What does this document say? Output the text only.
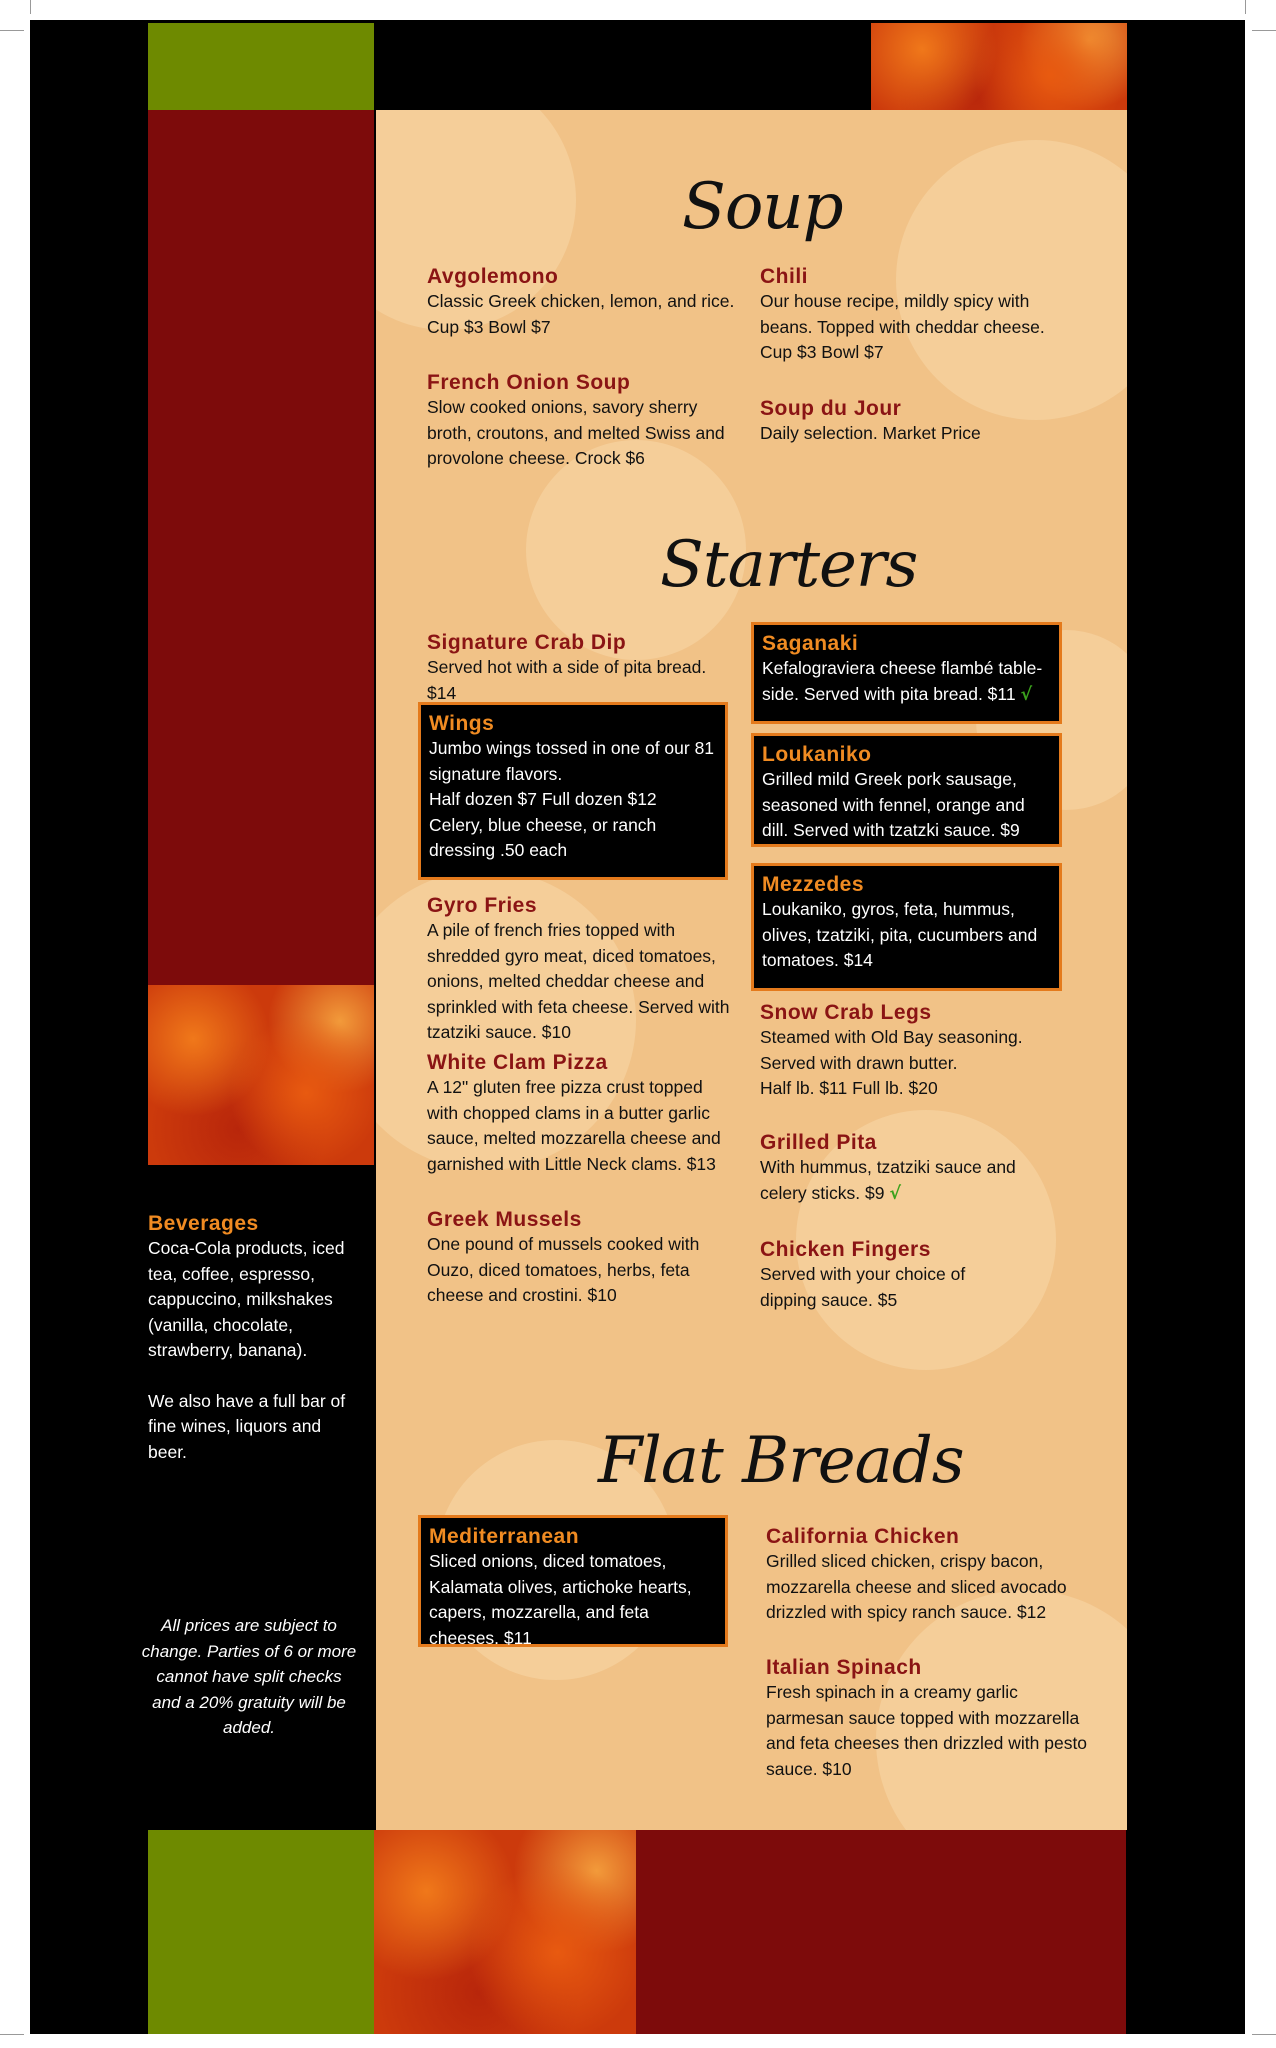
Soup
Starters
Flat Breads
Avgolemono
Classic Greek chicken, lemon, and rice.
Cup $3 Bowl $7
French Onion Soup
Slow cooked onions, savory sherry broth, croutons, and melted Swiss and provolone cheese. Crock $6
Chili
Our house recipe, mildly spicy with beans. Topped with cheddar cheese.
Cup $3 Bowl $7
Soup du Jour
Daily selection. Market Price
Signature Crab Dip
Served hot with a side of pita bread. $14
Wings
Jumbo wings tossed in one of our 81 signature flavors.
Half dozen $7 Full dozen $12
Celery, blue cheese, or ranch dressing .50 each
Gyro Fries
A pile of french fries topped with shredded gyro meat, diced tomatoes, onions, melted cheddar cheese and sprinkled with feta cheese. Served with tzatziki sauce. $10
White Clam Pizza
A 12" gluten free pizza crust topped with chopped clams in a butter garlic sauce, melted mozzarella cheese and garnished with Little Neck clams. $13
Greek Mussels
One pound of mussels cooked with Ouzo, diced tomatoes, herbs, feta cheese and crostini. $10
Saganaki
Kefalograviera cheese flambé table-side. Served with pita bread. $11 √
Loukaniko
Grilled mild Greek pork sausage, seasoned with fennel, orange and dill. Served with tzatzki sauce. $9
Mezzedes
Loukaniko, gyros, feta, hummus, olives, tzatziki, pita, cucumbers and tomatoes. $14
Snow Crab Legs
Steamed with Old Bay seasoning. Served with drawn butter.
Half lb. $11 Full lb. $20
Grilled Pita
With hummus, tzatziki sauce and celery sticks. $9 √
Chicken Fingers
Served with your choice of dipping sauce. $5
Mediterranean
Sliced onions, diced tomatoes, Kalamata olives, artichoke hearts, capers, mozzarella, and feta cheeses. $11
California Chicken
Grilled sliced chicken, crispy bacon, mozzarella cheese and sliced avocado drizzled with spicy ranch sauce. $12
Italian Spinach
Fresh spinach in a creamy garlic parmesan sauce topped with mozzarella and feta cheeses then drizzled with pesto sauce. $10
Beverages
Coca-Cola products, iced tea, coffee, espresso, cappuccino, milkshakes (vanilla, chocolate, strawberry, banana).
We also have a full bar of fine wines, liquors and beer.
All prices are subject to change. Parties of 6 or more cannot have split checks and a 20% gratuity will be added.
